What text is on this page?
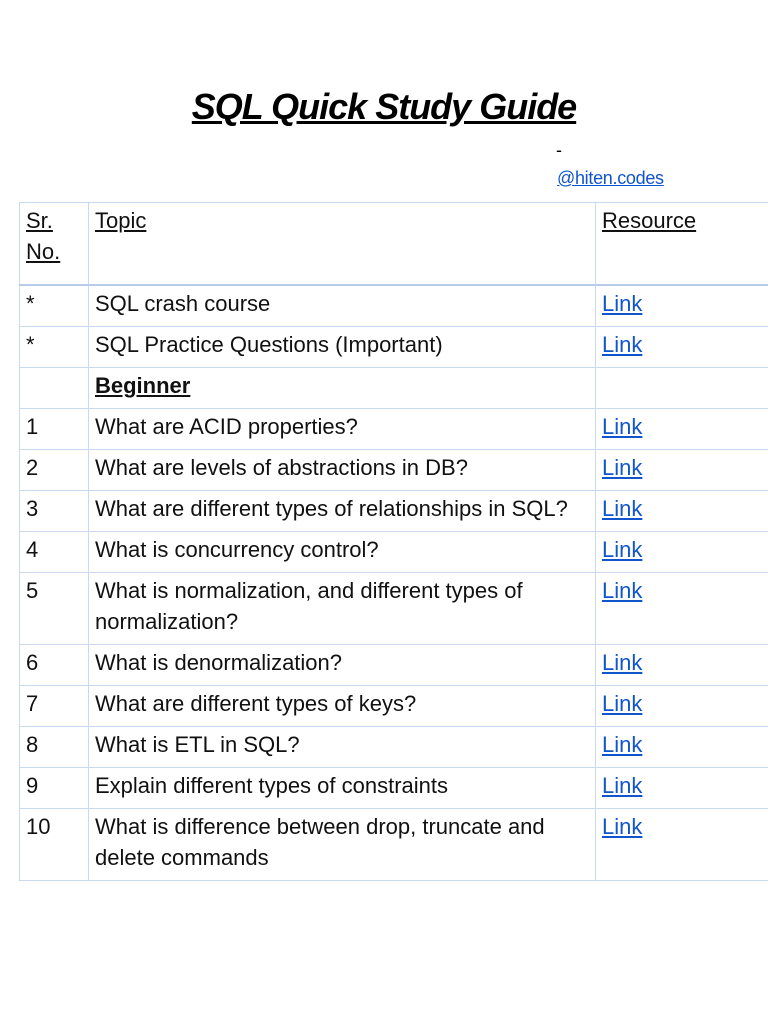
SQL Quick Study Guide
-
@hiten.codes
Sr. No.	Topic	Resource
*	SQL crash course	Link
*	SQL Practice Questions (Important)	Link
	Beginner	
1	What are ACID properties?	Link
2	What are levels of abstractions in DB?	Link
3	What are different types of relationships in SQL?	Link
4	What is concurrency control?	Link
5	What is normalization, and different types of normalization?	Link
6	What is denormalization?	Link
7	What are different types of keys?	Link
8	What is ETL in SQL?	Link
9	Explain different types of constraints	Link
10	What is difference between drop, truncate and delete commands	Link
